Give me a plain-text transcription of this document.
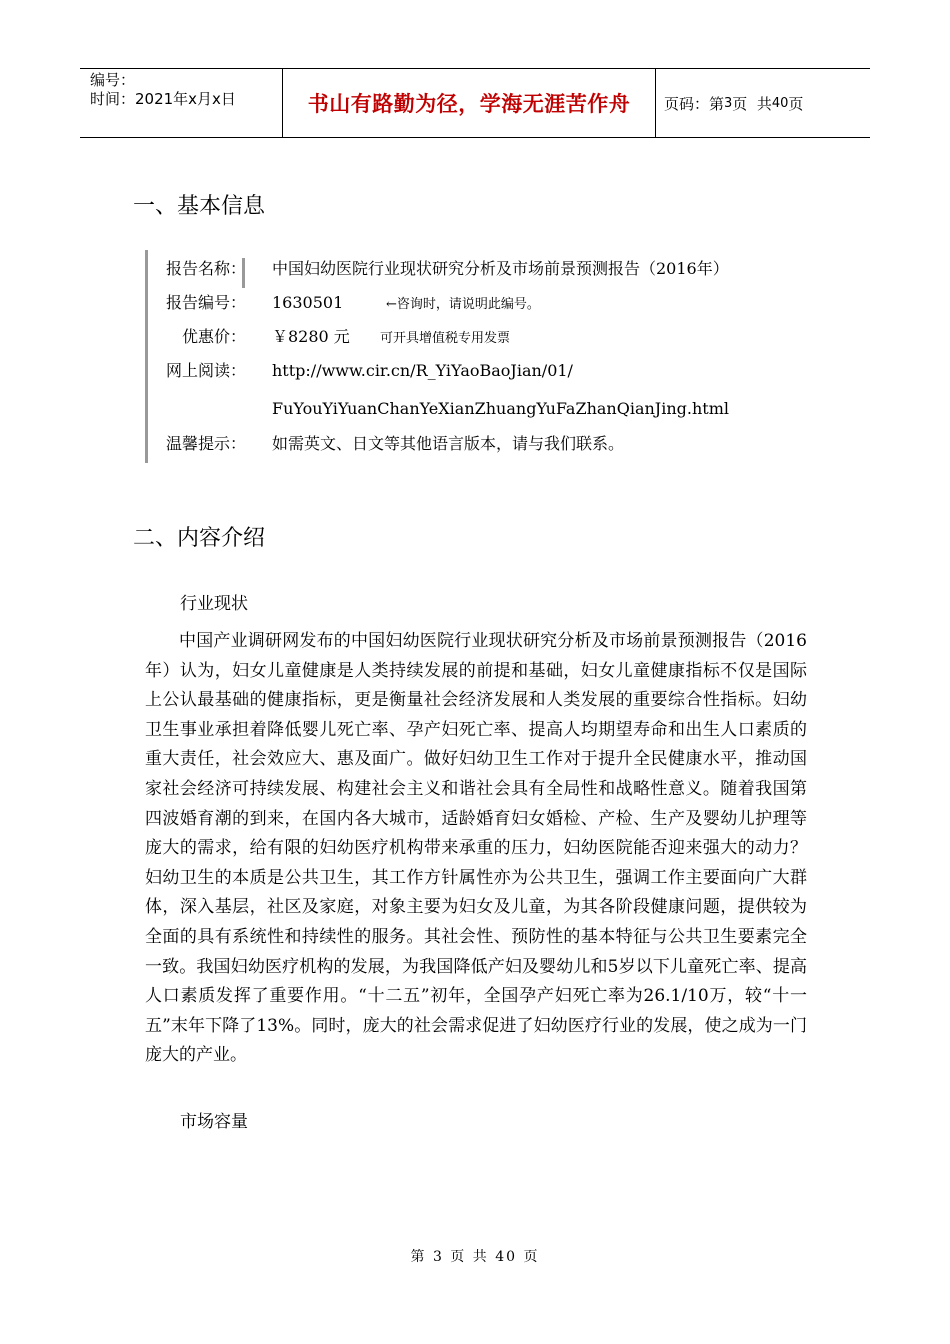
编号：
时间：2021年x月x日	书山有路勤为径，学海无涯苦作舟	页码：第 3 页  共 40 页
一、基本信息
报告名称： 中国妇幼医院行业现状研究分析及市场前景预测报告（2016年）
报告编号： 1630501	←咨询时，请说明此编号。
优惠价：	￥8280 元 可开具增值税专用发票
网上阅读： http://www.cir.cn/R_YiYaoBaoJian/01/
FuYouYiYuanChanYeXianZhuangYuFaZhanQianJing.html
温馨提示： 如需英文、日文等其他语言版本，请与我们联系。
二、内容介绍
行业现状
中国产业调研网发布的中国妇幼医院行业现状研究分析及市场前景预测报告（2016年）认为，妇女儿童健康是人类持续发展的前提和基础，妇女儿童健康指标不仅是国际上公认最基础的健康指标，更是衡量社会经济发展和人类发展的重要综合性指标。妇幼卫生事业承担着降低婴儿死亡率、孕产妇死亡率、提高人均期望寿命和出生人口素质的重大责任，社会效应大、惠及面广。做好妇幼卫生工作对于提升全民健康水平，推动国家社会经济可持续发展、构建社会主义和谐社会具有全局性和战略性意义。随着我国第四波婚育潮的到来，在国内各大城市，适龄婚育妇女婚检、产检、生产及婴幼儿护理等庞大的需求，给有限的妇幼医疗机构带来承重的压力，妇幼医院能否迎来强大的动力？妇幼卫生的本质是公共卫生，其工作方针属性亦为公共卫生，强调工作主要面向广大群体，深入基层，社区及家庭，对象主要为妇女及儿童，为其各阶段健康问题，提供较为全面的具有系统性和持续性的服务。其社会性、预防性的基本特征与公共卫生要素完全一致。我国妇幼医疗机构的发展，为我国降低产妇及婴幼儿和5岁以下儿童死亡率、提高人口素质发挥了重要作用。“十二五”初年，全国孕产妇死亡率为26.1/10万，较“十一五”末年下降了13%。同时，庞大的社会需求促进了妇幼医疗行业的发展，使之成为一门庞大的产业。
市场容量
第 3 页 共 40 页
